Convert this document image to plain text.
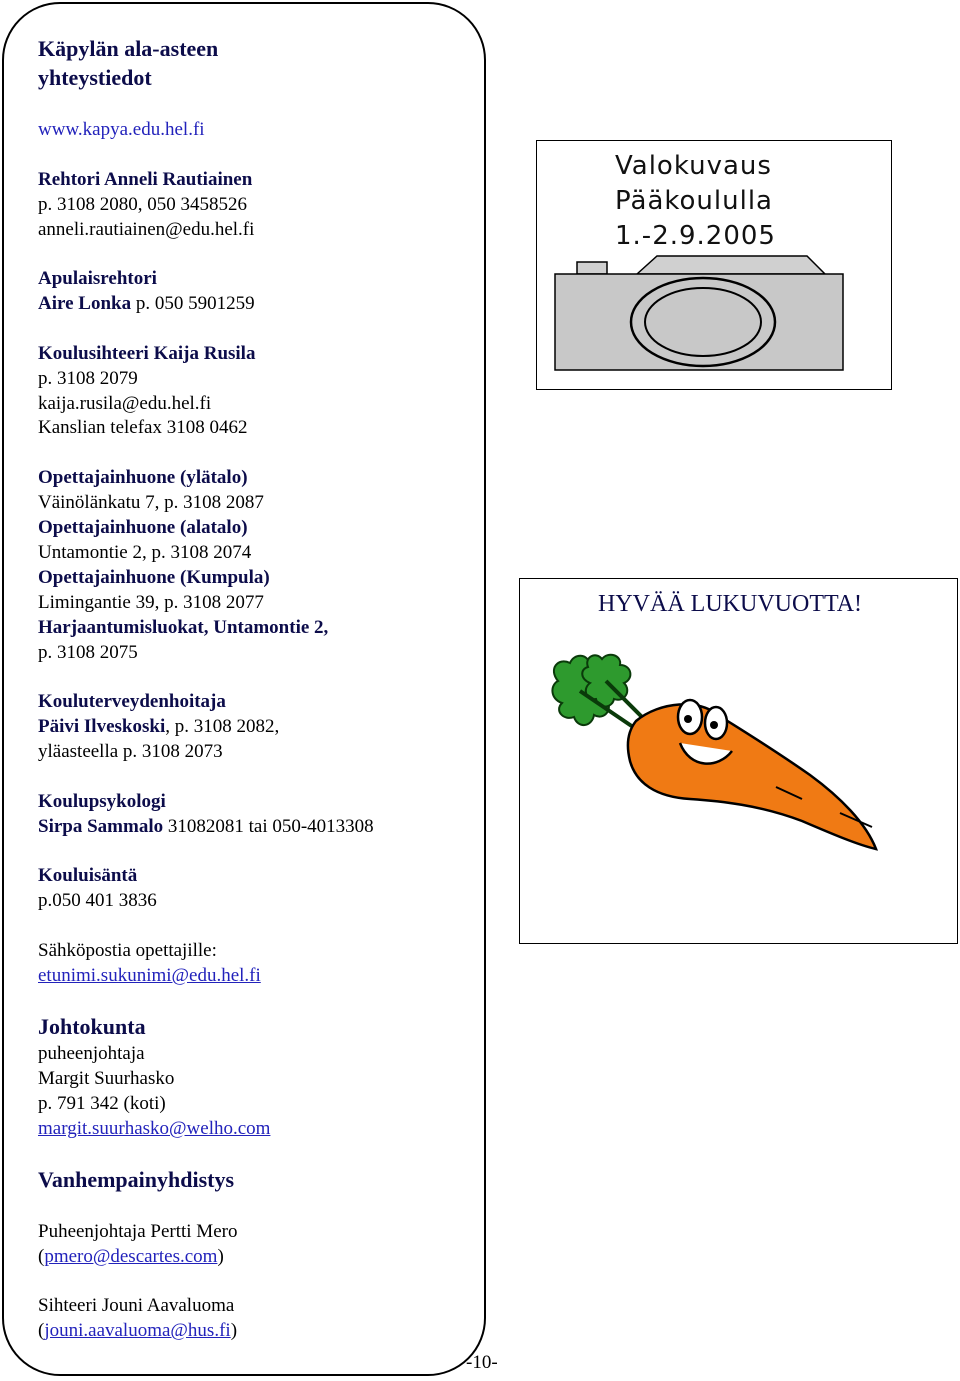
Käpylän ala-asteen
yhteystiedot
www.kapya.edu.hel.fi
Rehtori Anneli Rautiainen
p. 3108 2080, 050 3458526
anneli.rautiainen@edu.hel.fi
Apulaisrehtori
Aire Lonka p. 050 5901259
Koulusihteeri Kaija Rusila
p. 3108 2079
kaija.rusila@edu.hel.fi
Kanslian telefax 3108 0462
Opettajainhuone (ylätalo)
Väinölänkatu 7, p. 3108 2087
Opettajainhuone (alatalo)
Untamontie 2, p. 3108 2074
Opettajainhuone (Kumpula)
Limingantie 39, p. 3108 2077
Harjaantumisluokat, Untamontie 2,
p. 3108 2075
Kouluterveydenhoitaja
Päivi Ilveskoski, p. 3108 2082,
yläasteella p. 3108 2073
Koulupsykologi
Sirpa Sammalo 31082081 tai 050-4013308
Kouluisäntä
p.050 401 3836
Sähköpostia opettajille:
etunimi.sukunimi@edu.hel.fi
Johtokunta
puheenjohtaja
Margit Suurhasko
p. 791 342 (koti)
margit.suurhasko@welho.com
Vanhempainyhdistys
Puheenjohtaja Pertti Mero
(pmero@descartes.com)
Sihteeri Jouni Aavaluoma
(jouni.aavaluoma@hus.fi)
-10-
Valokuvaus
Pääkoululla
1.-2.9.2005
HYVÄÄ LUKUVUOTTA!
